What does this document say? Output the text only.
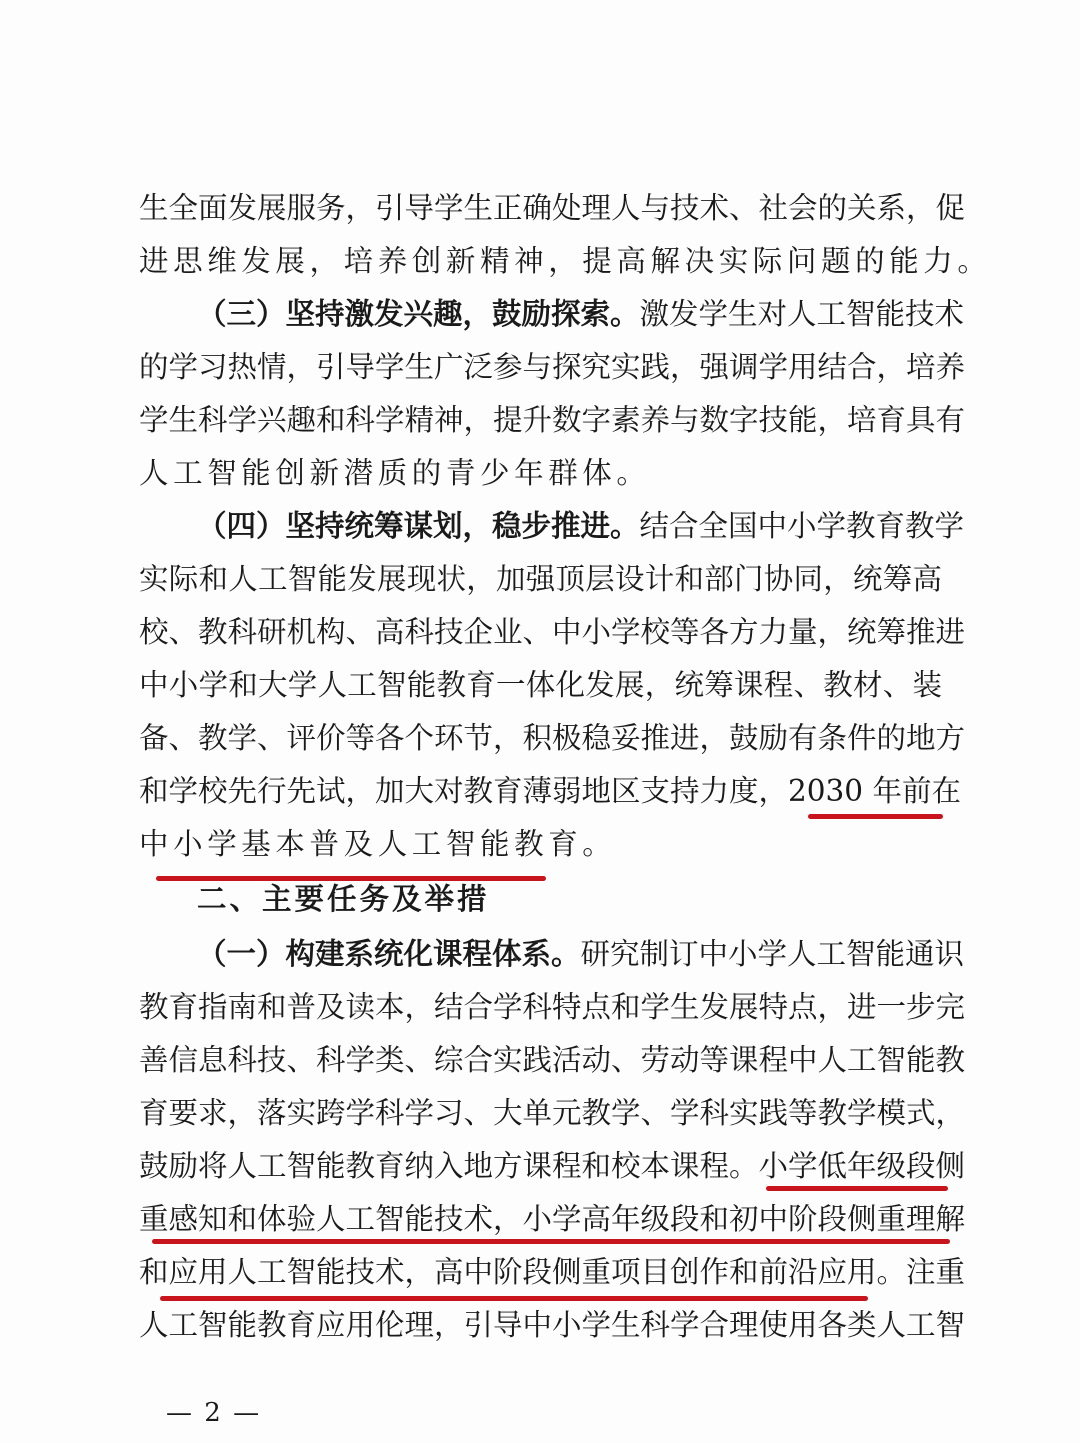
生全面发展服务，引导学生正确处理人与技术、社会的关系，促
进思维发展，培养创新精神，提高解决实际问题的能力。
（三）坚持激发兴趣，鼓励探索。激发学生对人工智能技术
的学习热情，引导学生广泛参与探究实践，强调学用结合，培养
学生科学兴趣和科学精神，提升数字素养与数字技能，培育具有
人工智能创新潜质的青少年群体。
（四）坚持统筹谋划，稳步推进。结合全国中小学教育教学
实际和人工智能发展现状，加强顶层设计和部门协同，统筹高
校、教科研机构、高科技企业、中小学校等各方力量，统筹推进
中小学和大学人工智能教育一体化发展，统筹课程、教材、装
备、教学、评价等各个环节，积极稳妥推进，鼓励有条件的地方
和学校先行先试，加大对教育薄弱地区支持力度，2030 年前在
中小学基本普及人工智能教育。
二、主要任务及举措
（一）构建系统化课程体系。研究制订中小学人工智能通识
教育指南和普及读本，结合学科特点和学生发展特点，进一步完
善信息科技、科学类、综合实践活动、劳动等课程中人工智能教
育要求，落实跨学科学习、大单元教学、学科实践等教学模式，
鼓励将人工智能教育纳入地方课程和校本课程。小学低年级段侧
重感知和体验人工智能技术，小学高年级段和初中阶段侧重理解
和应用人工智能技术，高中阶段侧重项目创作和前沿应用。注重
人工智能教育应用伦理，引导中小学生科学合理使用各类人工智
— 2 —
